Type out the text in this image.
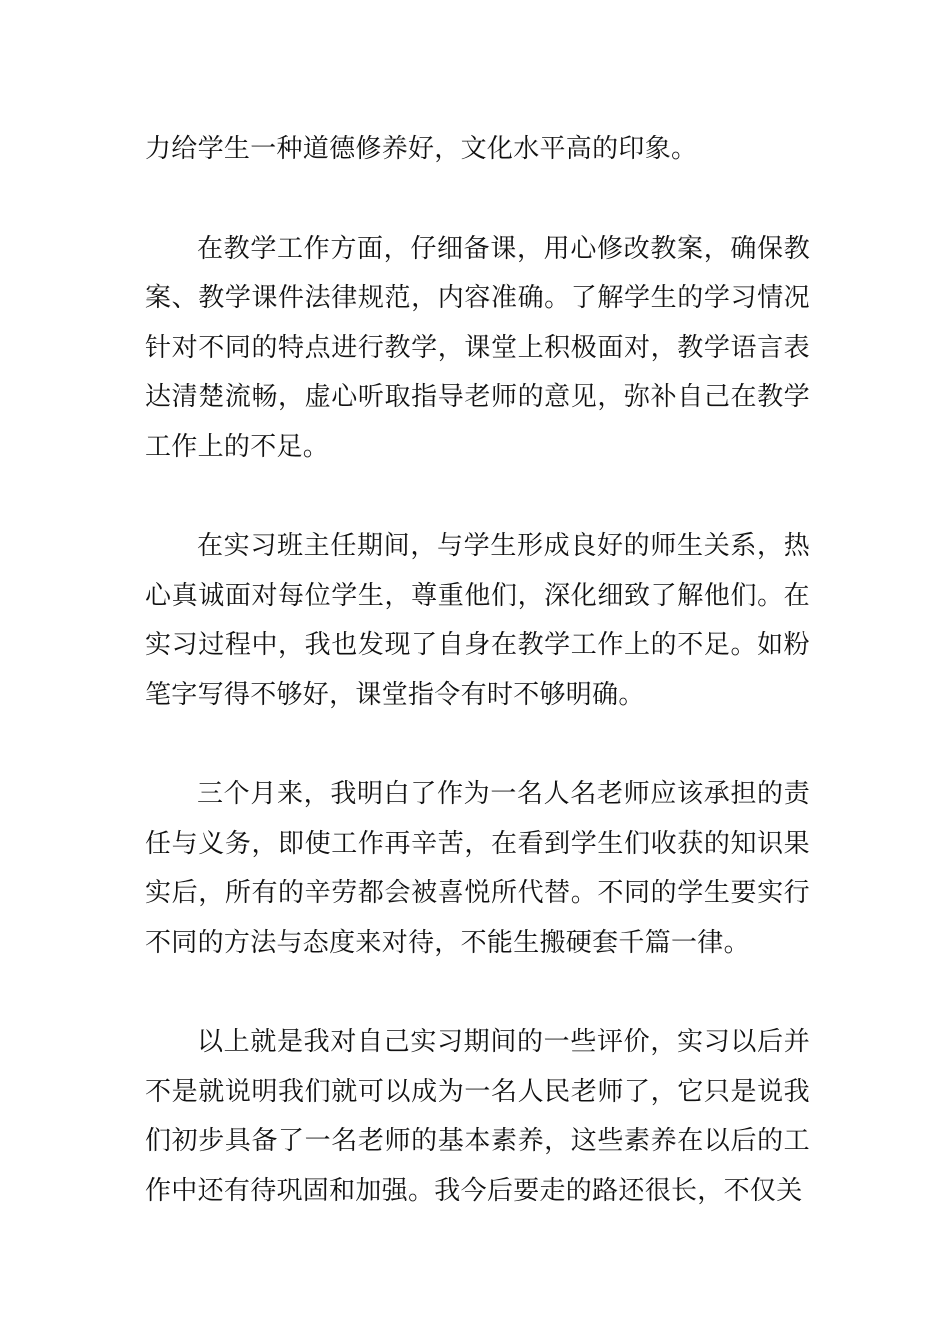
力给学生一种道德修养好，文化水平高的印象。

在教学工作方面，仔细备课，用心修改教案，确保教案、教学课件法律规范，内容准确。了解学生的学习情况针对不同的特点进行教学，课堂上积极面对，教学语言表达清楚流畅，虚心听取指导老师的意见，弥补自己在教学工作上的不足。

在实习班主任期间，与学生形成良好的师生关系，热心真诚面对每位学生，尊重他们，深化细致了解他们。在实习过程中，我也发现了自身在教学工作上的不足。如粉笔字写得不够好，课堂指令有时不够明确。

三个月来，我明白了作为一名人名老师应该承担的责任与义务，即使工作再辛苦，在看到学生们收获的知识果实后，所有的辛劳都会被喜悦所代替。不同的学生要实行不同的方法与态度来对待，不能生搬硬套千篇一律。

以上就是我对自己实习期间的一些评价，实习以后并不是就说明我们就可以成为一名人民老师了，它只是说我们初步具备了一名老师的基本素养，这些素养在以后的工作中还有待巩固和加强。我今后要走的路还很长，不仅关
